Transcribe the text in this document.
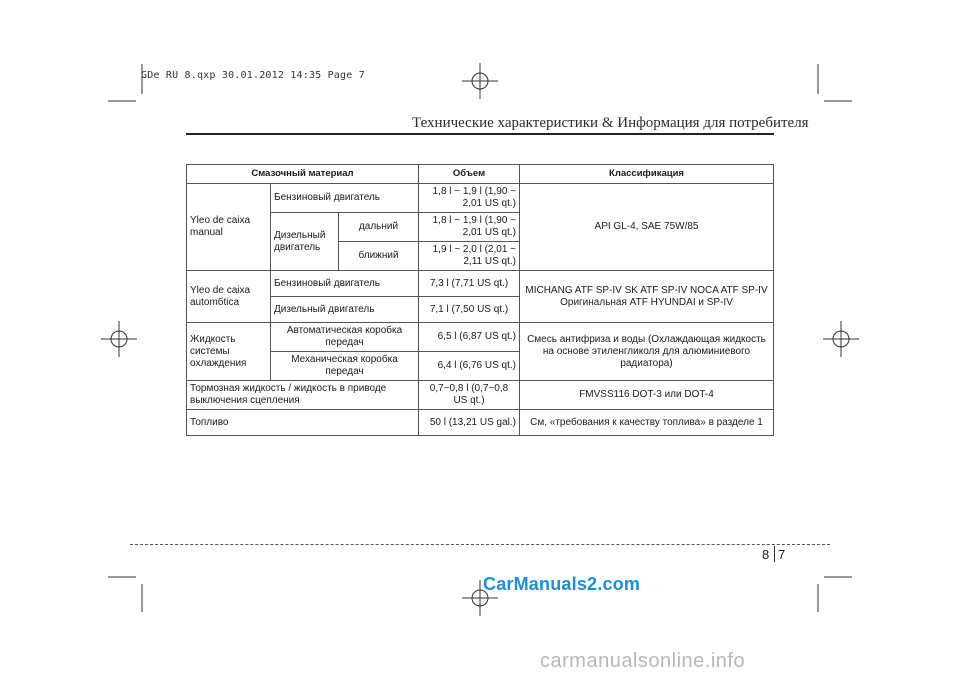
GDe RU 8.qxp 30.01.2012 14:35 Page 7
Технические характеристики & Информация для потребителя
Смазочный материал			Объем	Классификация
Yleo de caixa manual	Бензиновый двигатель		1,8 l ~ 1,9 l (1,90 ~ 2,01 US qt.)	API GL-4, SAE 75W/85
	Дизельный двигатель	дальний	1,8 l ~ 1,9 l (1,90 ~ 2,01 US qt.)	
		ближний	1,9 l ~ 2,0 l (2,01 ~ 2,11 US qt.)	
Yleo de caixa automбtica	Бензиновый двигатель		7,3 l (7,71 US qt.)	MICHANG ATF SP-IV SK ATF SP-IV NOCA ATF SP-IV Оригинальная ATF HYUNDAI и SP-IV
	Дизельный двигатель		7,1 l (7,50 US qt.)	
Жидкость системы охлаждения	Автоматическая коробка передач		6,5 l (6,87 US qt.)	Смесь антифриза и воды (Охлаждающая жидкость на основе этиленгликоля для алюминиевого радиатора)
	Механическая коробка передач		6,4 l (6,76 US qt.)	
Тормозная жидкость / жидкость в приводе выключения сцепления			0,7~0,8 l (0,7~0,8 US qt.)	FMVSS116 DOT-3 или DOT-4
Топливо			50 l (13,21 US gal.)	См, «требования к качеству топлива» в разделе 1
8 7
CarManuals2.com
carmanualsonline.info
